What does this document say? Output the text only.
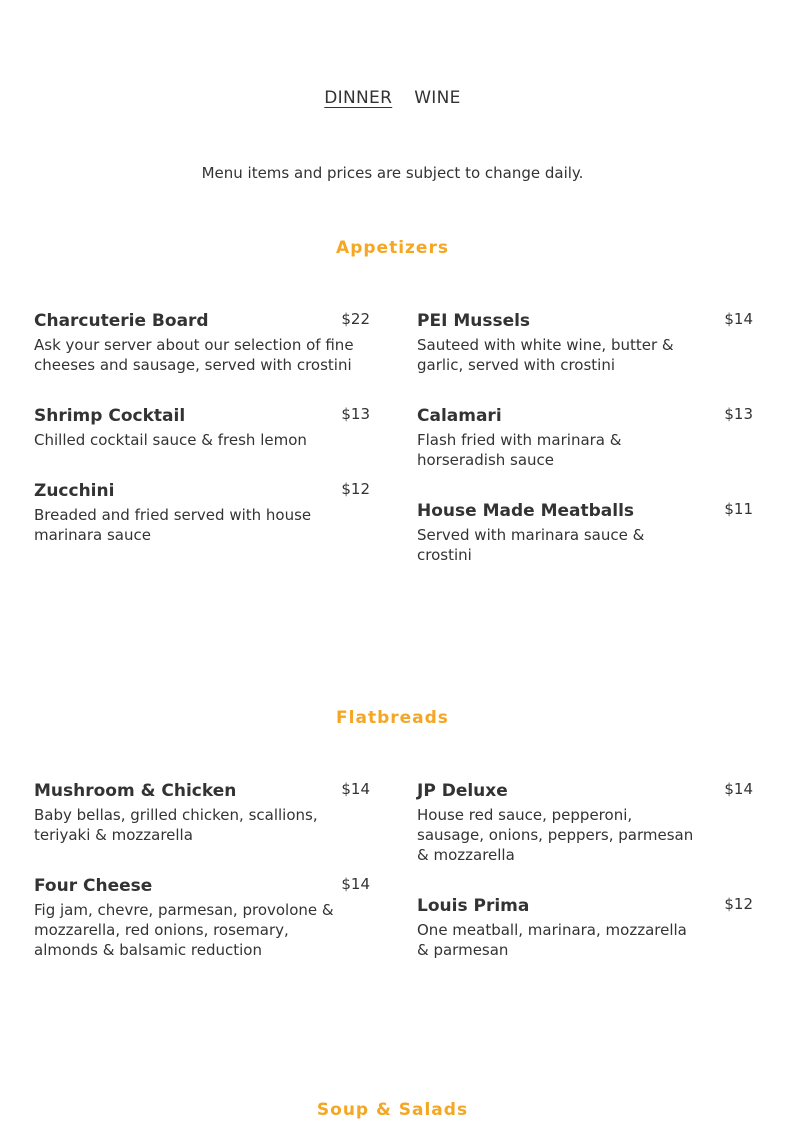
DINNER WINE

Menu items and prices are subject to change daily.

Appetizers
Charcuterie Board	$22
Ask your server about our selection of fine cheeses and sausage, served with crostini
Shrimp Cocktail	$13
Chilled cocktail sauce & fresh lemon
Zucchini	$12
Breaded and fried served with house marinara sauce
PEI Mussels	$14
Sauteed with white wine, butter & garlic, served with crostini
Calamari	$13
Flash fried with marinara & horseradish sauce
House Made Meatballs	$11
Served with marinara sauce & crostini
Flatbreads
Mushroom & Chicken	$14
Baby bellas, grilled chicken, scallions, teriyaki & mozzarella
Four Cheese	$14
Fig jam, chevre, parmesan, provolone & mozzarella, red onions, rosemary, almonds & balsamic reduction
JP Deluxe	$14
House red sauce, pepperoni, sausage, onions, peppers, parmesan & mozzarella
Louis Prima	$12
One meatball, marinara, mozzarella & parmesan
Soup & Salads
